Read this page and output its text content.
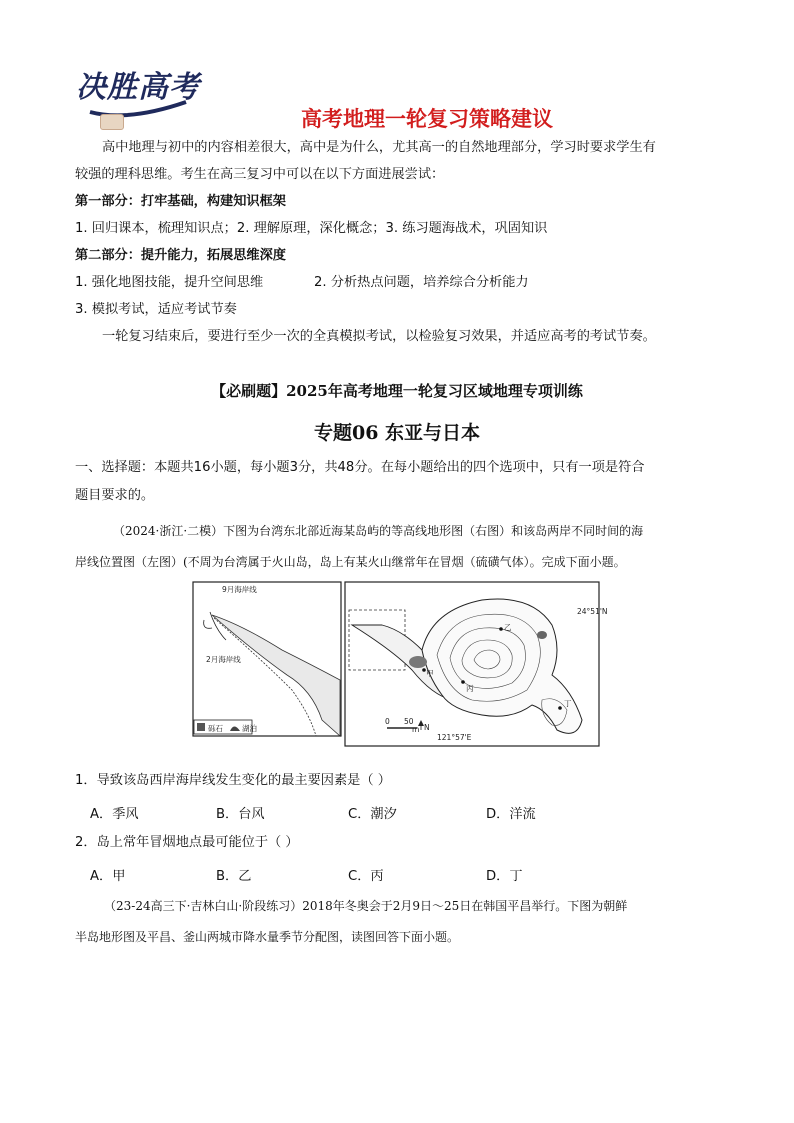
决胜高考
高考地理一轮复习策略建议
高中地理与初中的内容相差很大，高中是为什么，尤其高一的自然地理部分，学习时要求学生有
较强的理科思维。考生在高三复习中可以在以下方面进展尝试：
第一部分：打牢基础，构建知识框架
1. 回归课本，梳理知识点；2. 理解原理，深化概念；3. 练习题海战术，巩固知识
第二部分：提升能力，拓展思维深度
1. 强化地图技能，提升空间思维	2. 分析热点问题，培养综合分析能力
3. 模拟考试，适应考试节奏
一轮复习结束后，要进行至少一次的全真模拟考试，以检验复习效果，并适应高考的考试节奏。
【必刷题】2025年高考地理一轮复习区域地理专项训练
专题06 东亚与日本
一、选择题：本题共16小题，每小题3分，共48分。在每小题给出的四个选项中，只有一项是符合
题目要求的。
（2024·浙江·二模）下图为台湾东北部近海某岛屿的等高线地形图（右图）和该岛两岸不同时间的海
岸线位置图（左图）(不周为台湾属于火山岛，岛上有某火山继常年在冒烟（硫磺气体）。完成下面小题。
9月海岸线
2月海岸线
砾石	湖泊
24°51'N
121°57'E
0 50
m N
甲
乙
丙
丁
1．导致该岛西岸海岸线发生变化的最主要因素是（ ）
A．季风	B．台风	C．潮汐	D．洋流
2．岛上常年冒烟地点最可能位于（ ）
A．甲	B．乙	C．丙	D．丁
（23-24高三下·吉林白山·阶段练习）2018年冬奥会于2月9日～25日在韩国平昌举行。下图为朝鲜
半岛地形图及平昌、釜山两城市降水量季节分配图，读图回答下面小题。
